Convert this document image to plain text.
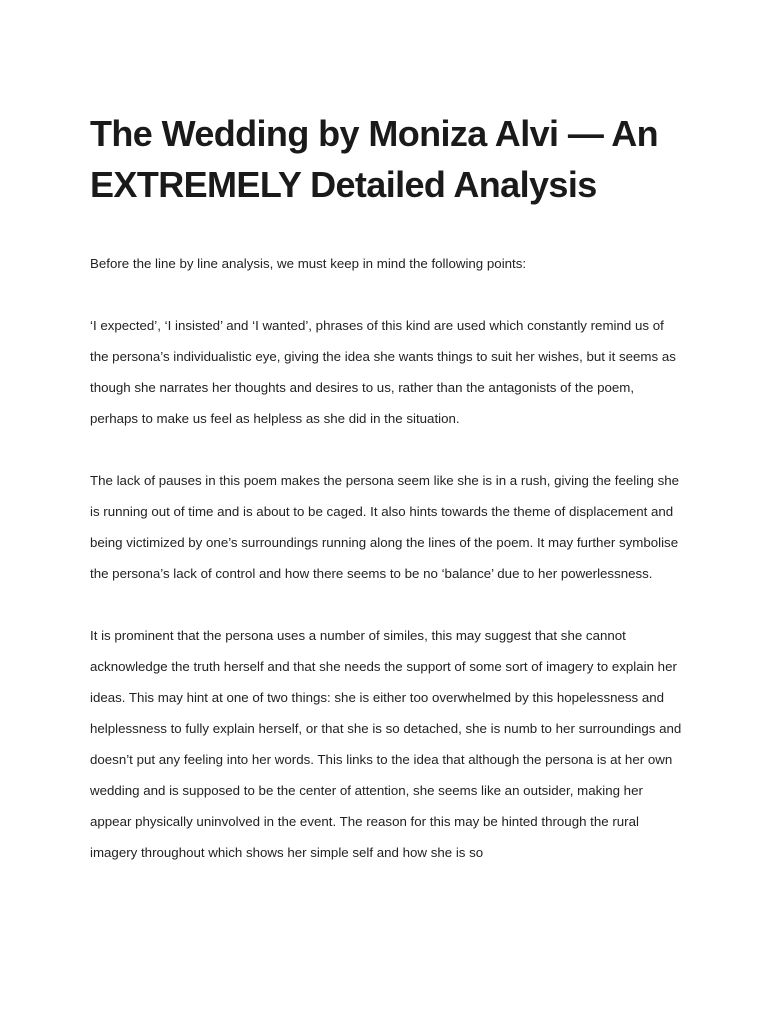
The Wedding by Moniza Alvi — An EXTREMELY Detailed Analysis

Before the line by line analysis, we must keep in mind the following points:

‘I expected’, ‘I insisted’ and ‘I wanted’, phrases of this kind are used which constantly remind us of the persona’s individualistic eye, giving the idea she wants things to suit her wishes, but it seems as though she narrates her thoughts and desires to us, rather than the antagonists of the poem, perhaps to make us feel as helpless as she did in the situation.

The lack of pauses in this poem makes the persona seem like she is in a rush, giving the feeling she is running out of time and is about to be caged. It also hints towards the theme of displacement and being victimized by one’s surroundings running along the lines of the poem. It may further symbolise the persona’s lack of control and how there seems to be no ‘balance’ due to her powerlessness.

It is prominent that the persona uses a number of similes, this may suggest that she cannot acknowledge the truth herself and that she needs the support of some sort of imagery to explain her ideas. This may hint at one of two things: she is either too overwhelmed by this hopelessness and helplessness to fully explain herself, or that she is so detached, she is numb to her surroundings and doesn’t put any feeling into her words. This links to the idea that although the persona is at her own wedding and is supposed to be the center of attention, she seems like an outsider, making her appear physically uninvolved in the event. The reason for this may be hinted through the rural imagery throughout which shows her simple self and how she is so
